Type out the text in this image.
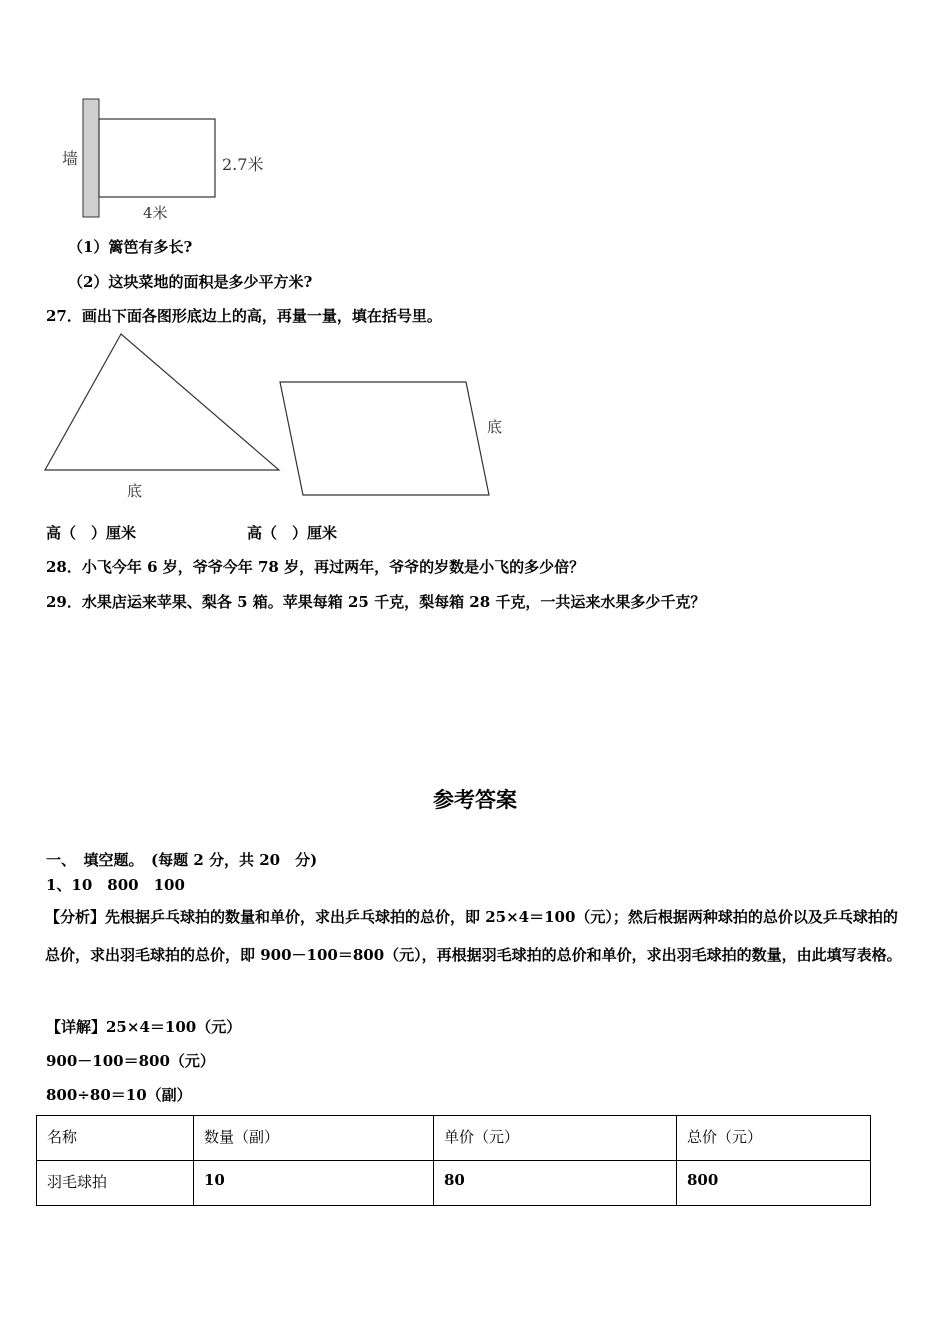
墙	2.7米
4米
（1）篱笆有多长?
（2）这块菜地的面积是多少平方米?
27．画出下面各图形底边上的高，再量一量，填在括号里。
底
底
高（　）厘米	高（　）厘米
28．小飞今年 6 岁，爷爷今年 78 岁，再过两年，爷爷的岁数是小飞的多少倍？
29．水果店运来苹果、梨各 5 箱。苹果每箱 25 千克，梨每箱 28 千克，一共运来水果多少千克？
参考答案
一、　填空题。　(每题 2 分，共 20　分)
1、10　800　100
【分析】先根据乒乓球拍的数量和单价，求出乒乓球拍的总价，即 25×4＝100（元）；然后根据两种球拍的总价以及乒乓球拍的总价，求出羽毛球拍的总价，即 900－100＝800（元），再根据羽毛球拍的总价和单价，求出羽毛球拍的数量，由此填写表格。
【详解】25×4＝100（元）
900－100＝800（元）
800÷80＝10（副）
名称	数量（副）	单价（元）	总价（元）
羽毛球拍	10	80	800
